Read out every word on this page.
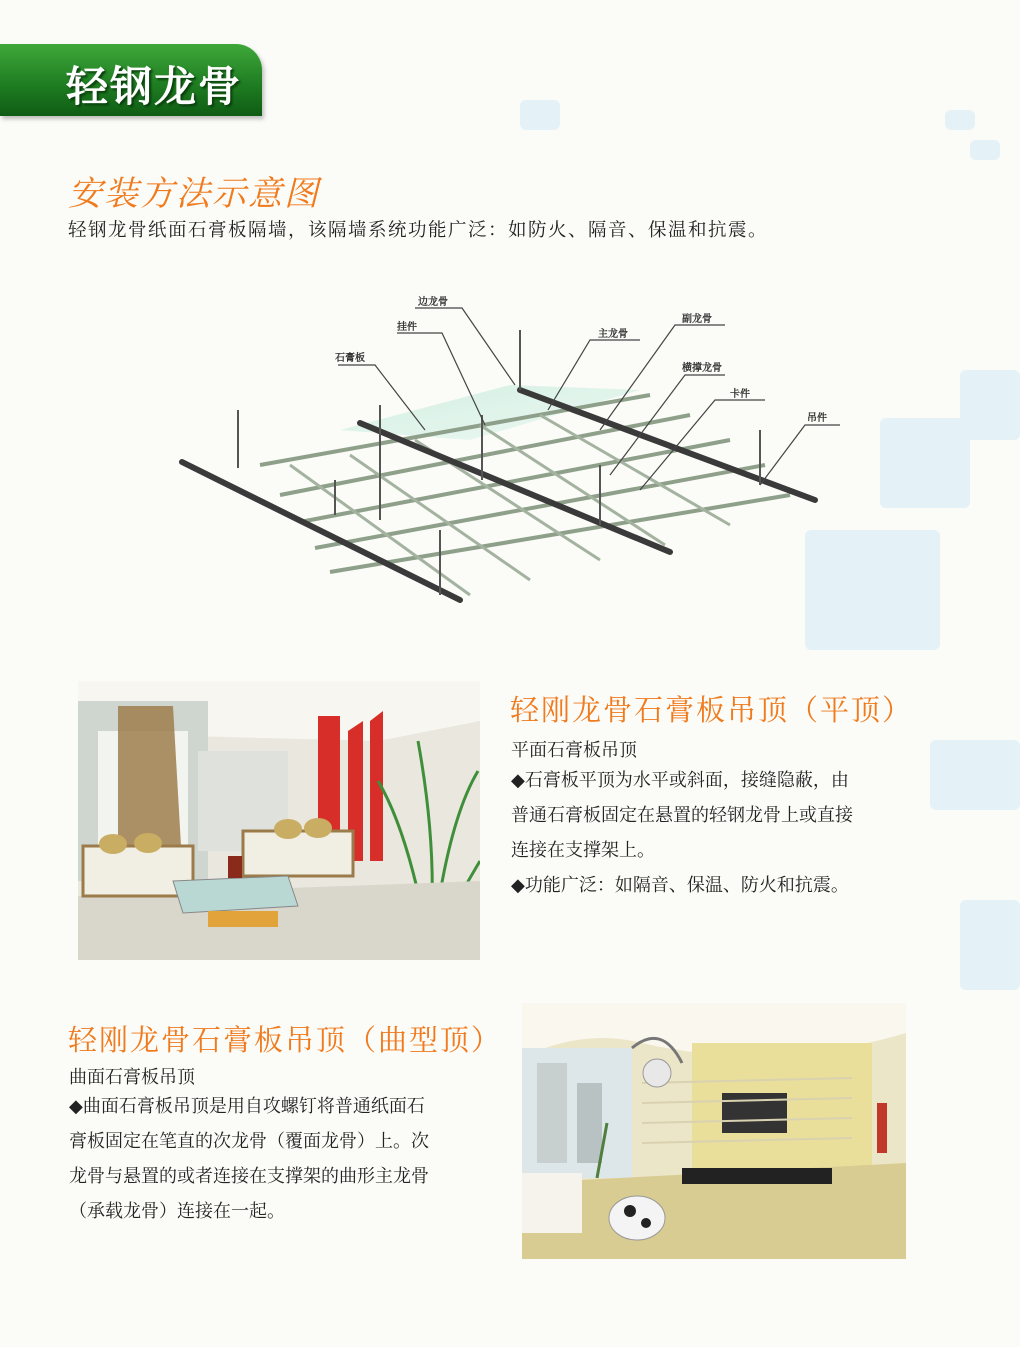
轻钢龙骨
安装方法示意图
轻钢龙骨纸面石膏板隔墙，该隔墙系统功能广泛：如防火、隔音、保温和抗震。
边龙骨
挂件
石膏板
主龙骨
副龙骨
横撑龙骨
卡件
吊件
轻刚龙骨石膏板吊顶（平顶）
平面石膏板吊顶

◆石膏板平顶为水平或斜面，接缝隐蔽，由

普通石膏板固定在悬置的轻钢龙骨上或直接

连接在支撑架上。

◆功能广泛：如隔音、保温、防火和抗震。

轻刚龙骨石膏板吊顶（曲型顶）
曲面石膏板吊顶

◆曲面石膏板吊顶是用自攻螺钉将普通纸面石

膏板固定在笔直的次龙骨（覆面龙骨）上。次

龙骨与悬置的或者连接在支撑架的曲形主龙骨

（承载龙骨）连接在一起。
